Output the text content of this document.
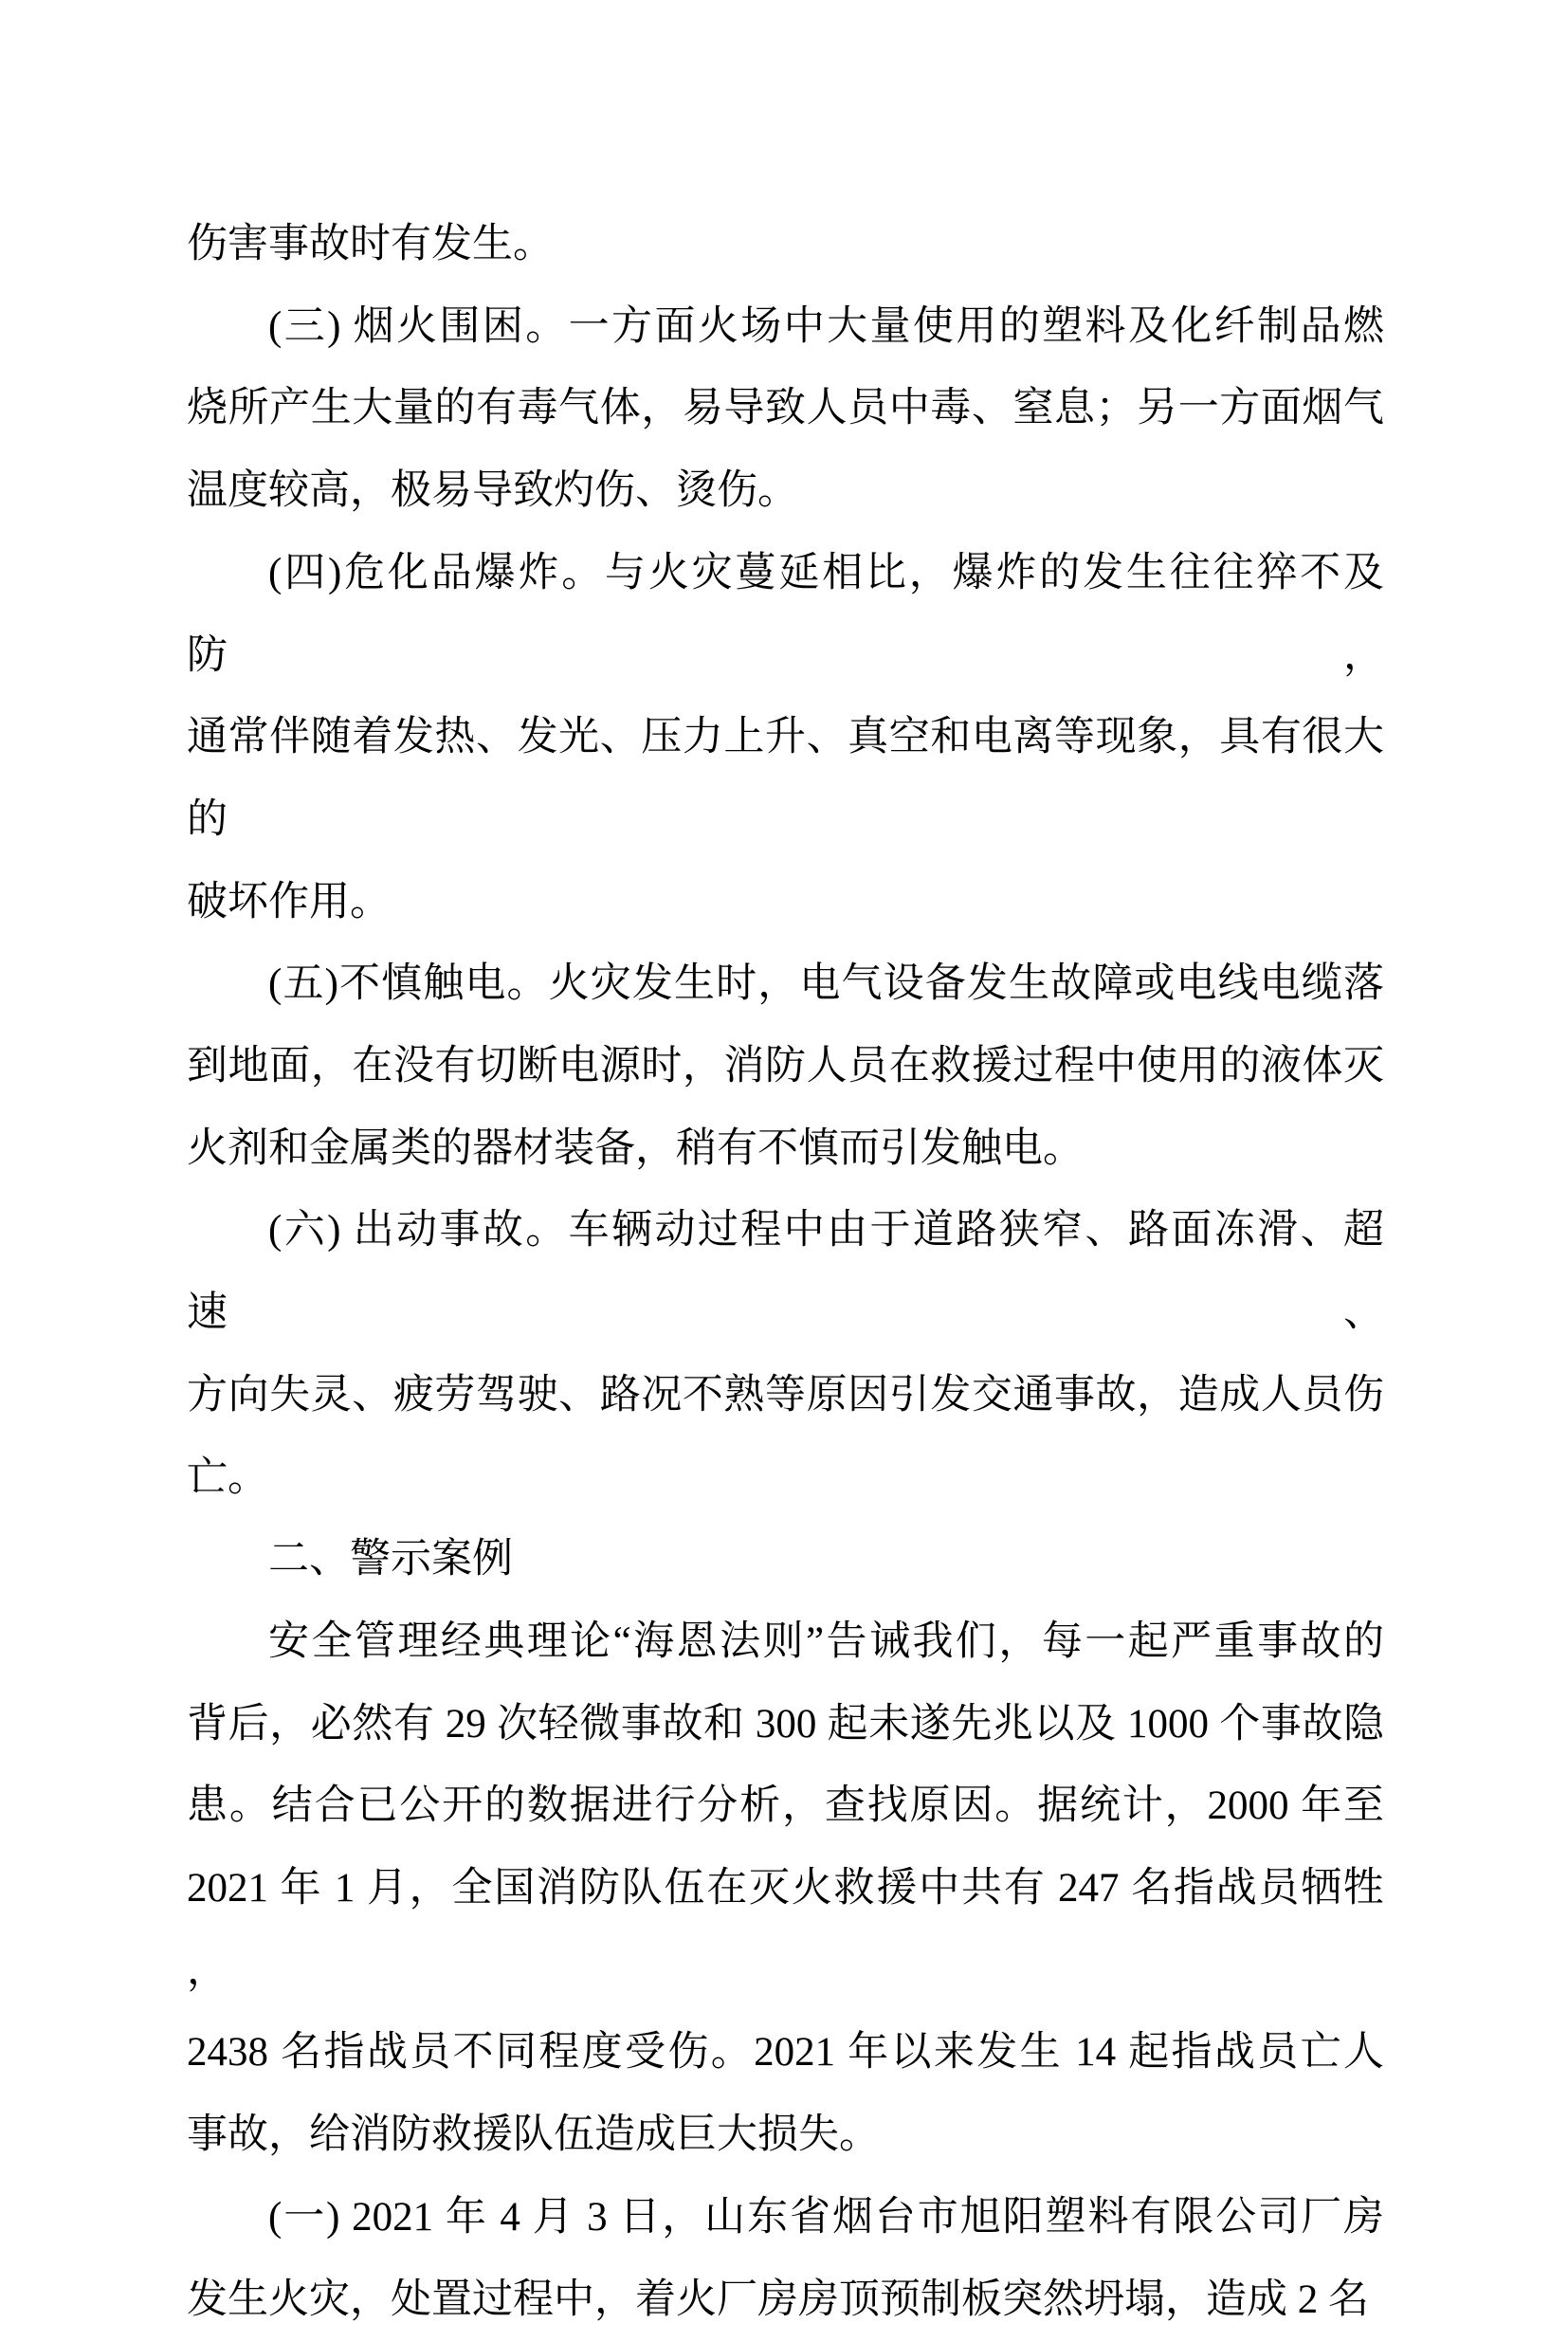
伤害事故时有发生。
(三) 烟火围困。一方面火场中大量使用的塑料及化纤制品燃
烧所产生大量的有毒气体，易导致人员中毒、窒息；另一方面烟气
温度较高，极易导致灼伤、烫伤。
(四)危化品爆炸。与火灾蔓延相比，爆炸的发生往往猝不及防，
通常伴随着发热、发光、压力上升、真空和电离等现象，具有很大的
破坏作用。
(五)不慎触电。火灾发生时，电气设备发生故障或电线电缆落
到地面，在没有切断电源时，消防人员在救援过程中使用的液体灭
火剂和金属类的器材装备，稍有不慎而引发触电。
(六) 出动事故。车辆动过程中由于道路狭窄、路面冻滑、超速、
方向失灵、疲劳驾驶、路况不熟等原因引发交通事故，造成人员伤
亡。
二、警示案例
安全管理经典理论“海恩法则”告诫我们，每一起严重事故的
背后，必然有 29 次轻微事故和 300 起未遂先兆以及 1000 个事故隐
患。结合已公开的数据进行分析，查找原因。据统计，2000 年至
2021 年 1 月，全国消防队伍在灭火救援中共有 247 名指战员牺牲 ，
2438 名指战员不同程度受伤。2021 年以来发生 14 起指战员亡人
事故，给消防救援队伍造成巨大损失。
(一) 2021 年 4 月 3 日，山东省烟台市旭阳塑料有限公司厂房
发生火灾，处置过程中，着火厂房房顶预制板突然坍塌，造成 2 名
